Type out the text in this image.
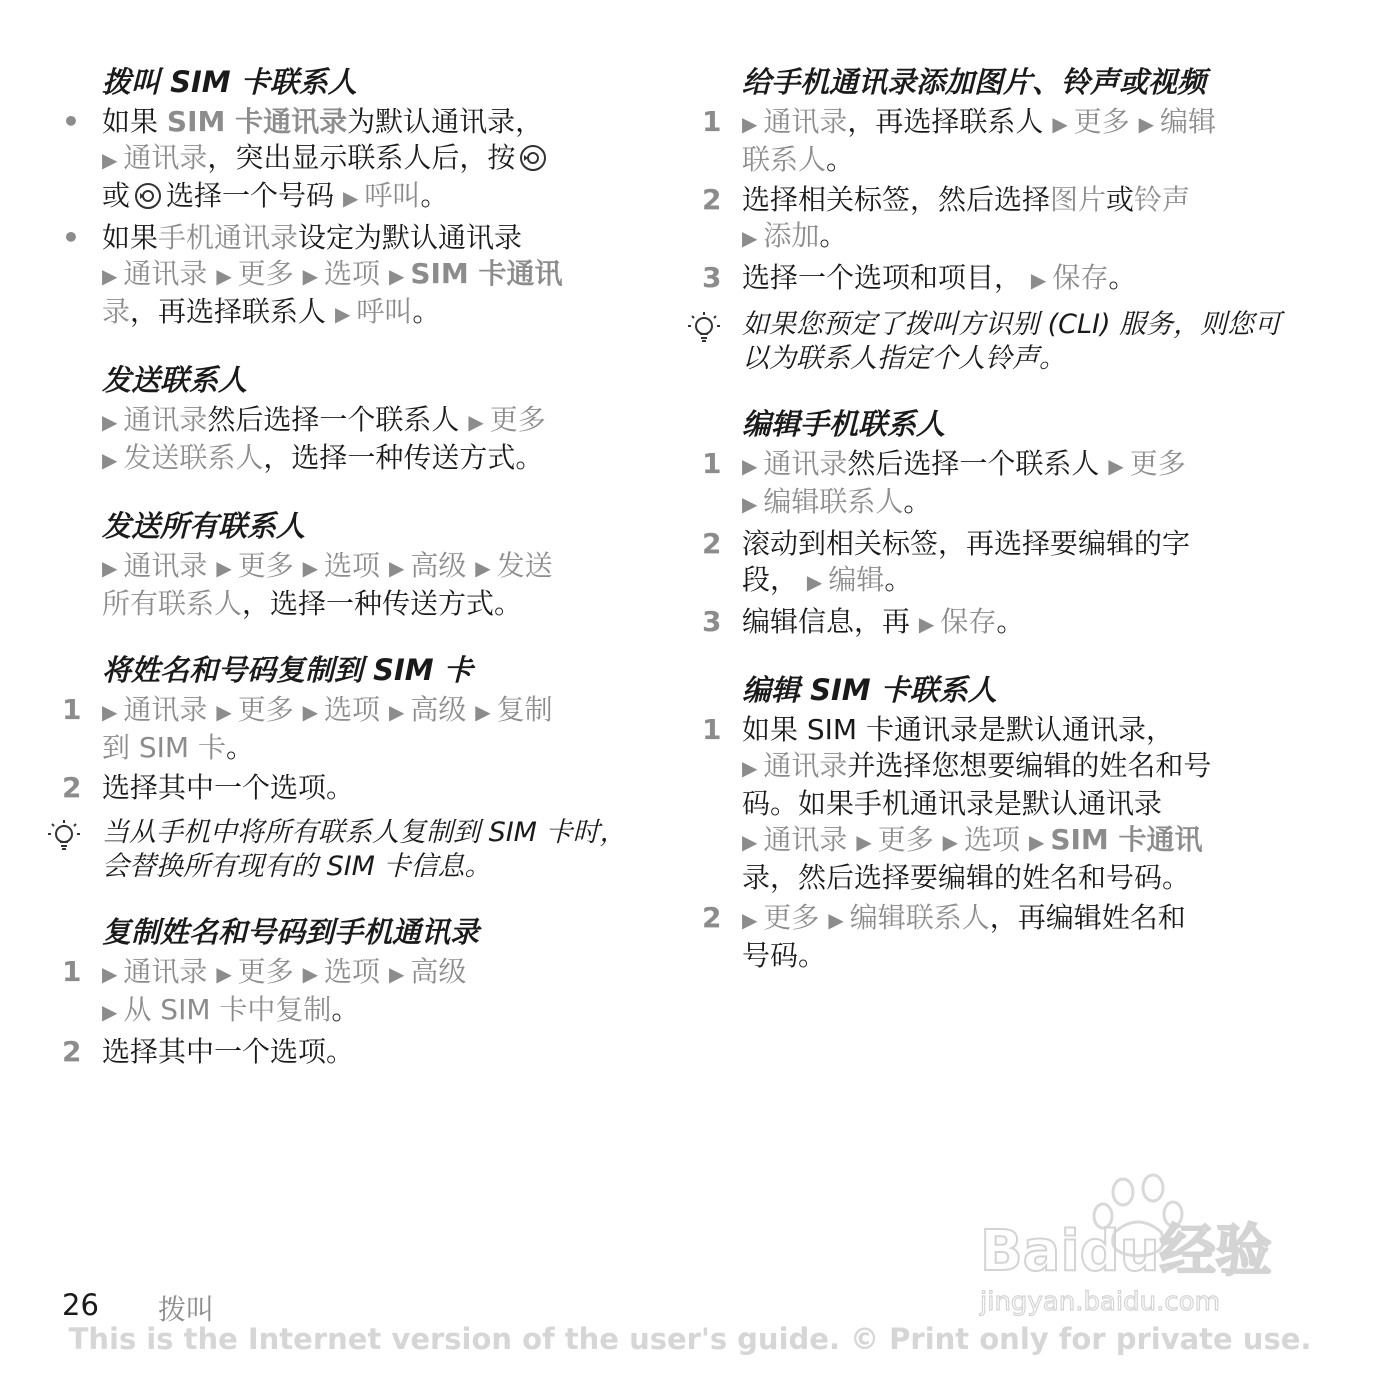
拨叫 SIM 卡联系人
• 如果 SIM 卡通讯录为默认通讯录，
▶ 通讯录，突出显示联系人后，按
或 选择一个号码 ▶ 呼叫。
• 如果手机通讯录设定为默认通讯录
▶ 通讯录 ▶ 更多 ▶ 选项 ▶ SIM 卡通讯
录，再选择联系人 ▶ 呼叫。
发送联系人
▶ 通讯录然后选择一个联系人 ▶ 更多
▶ 发送联系人，选择一种传送方式。
发送所有联系人
▶ 通讯录 ▶ 更多 ▶ 选项 ▶ 高级 ▶ 发送
所有联系人，选择一种传送方式。
将姓名和号码复制到 SIM 卡
1	▶ 通讯录 ▶ 更多 ▶ 选项 ▶ 高级 ▶ 复制
到 SIM 卡。
2 选择其中一个选项。
当从手机中将所有联系人复制到 SIM 卡时，会替换所有现有的 SIM 卡信息。
复制姓名和号码到手机通讯录
1	▶ 通讯录 ▶ 更多 ▶ 选项 ▶ 高级
▶ 从 SIM 卡中复制。
2 选择其中一个选项。
给手机通讯录添加图片、铃声或视频
1	▶ 通讯录，再选择联系人 ▶ 更多 ▶ 编辑
联系人。
2 选择相关标签，然后选择图片或铃声
▶ 添加。
3 选择一个选项和项目， ▶ 保存。
如果您预定了拨叫方识别 (CLI) 服务，则您可以为联系人指定个人铃声。
编辑手机联系人
1	▶ 通讯录然后选择一个联系人 ▶ 更多
▶ 编辑联系人。
2 滚动到相关标签，再选择要编辑的字
段， ▶ 编辑。
3 编辑信息，再 ▶ 保存。
编辑 SIM 卡联系人
1 如果 SIM 卡通讯录是默认通讯录，
▶ 通讯录并选择您想要编辑的姓名和号
码。如果手机通讯录是默认通讯录
▶ 通讯录 ▶ 更多 ▶ 选项 ▶ SIM 卡通讯
录，然后选择要编辑的姓名和号码。
2	▶ 更多 ▶ 编辑联系人，再编辑姓名和
号码。
26 拨叫
This is the Internet version of the user's guide. © Print only for private use.
Baidu经验
jingyan.baidu.com
